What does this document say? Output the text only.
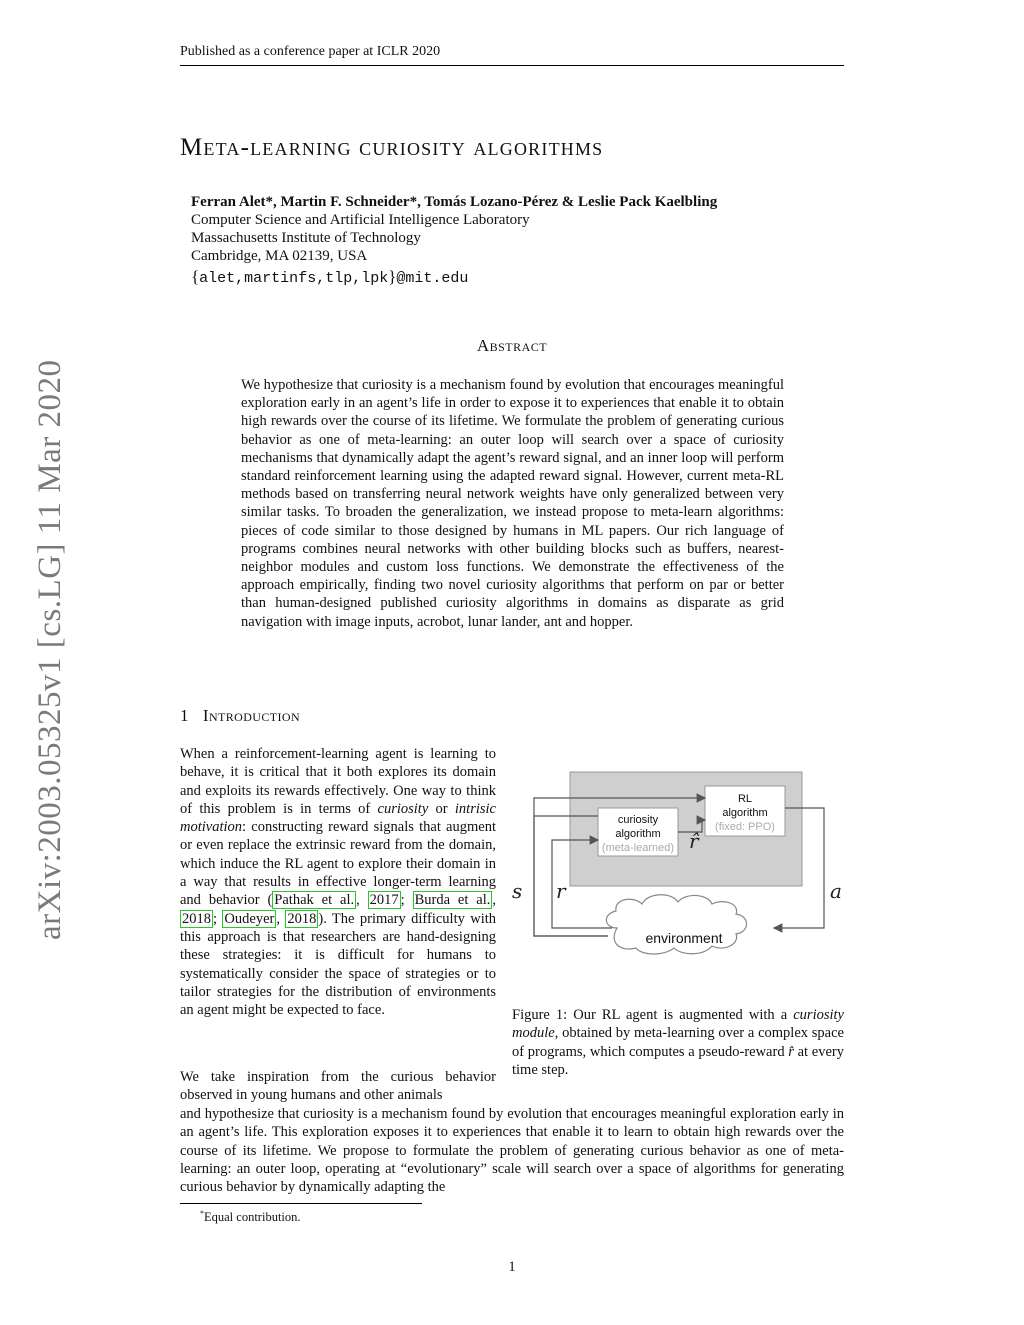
Published as a conference paper at ICLR 2020
arXiv:2003.05325v1 [cs.LG] 11 Mar 2020
Meta-learning curiosity algorithms
Ferran Alet*, Martin F. Schneider*, Tomás Lozano-Pérez & Leslie Pack Kaelbling
Computer Science and Artificial Intelligence Laboratory
Massachusetts Institute of Technology
Cambridge, MA 02139, USA
{alet,martinfs,tlp,lpk}@mit.edu
Abstract
We hypothesize that curiosity is a mechanism found by evolution that encourages meaningful exploration early in an agent’s life in order to expose it to experiences that enable it to obtain high rewards over the course of its lifetime. We formulate the problem of generating curious behavior as one of meta-learning: an outer loop will search over a space of curiosity mechanisms that dynamically adapt the agent’s reward signal, and an inner loop will perform standard reinforcement learning using the adapted reward signal. However, current meta-RL methods based on transferring neural network weights have only generalized between very similar tasks. To broaden the generalization, we instead propose to meta-learn algorithms: pieces of code similar to those designed by humans in ML papers. Our rich language of programs combines neural networks with other building blocks such as buffers, nearest-neighbor modules and custom loss functions. We demonstrate the effectiveness of the approach empirically, finding two novel curiosity algorithms that perform on par or better than human-designed published curiosity algorithms in domains as disparate as grid navigation with image inputs, acrobot, lunar lander, ant and hopper.
1 Introduction
When a reinforcement-learning agent is learning to behave, it is critical that it both explores its domain and exploits its rewards effectively. One way to think of this problem is in terms of curiosity or intrisic motivation: constructing reward signals that augment or even replace the extrinsic reward from the domain, which induce the RL agent to explore their domain in a way that results in effective longer-term learning and behavior ( Pathak et al. , 2017 ; Burda et al. , 2018 ; Oudeyer , 2018 ). The primary difficulty with this approach is that researchers are hand-designing these strategies: it is difficult for humans to systematically consider the space of strategies or to tailor strategies for the distribution of environments an agent might be expected to face.
We take inspiration from the curious behavior observed in young humans and other animals
and hypothesize that curiosity is a mechanism found by evolution that encourages meaningful exploration early in an agent’s life. This exploration exposes it to experiences that enable it to learn to obtain high rewards over the course of its lifetime. We propose to formulate the problem of generating curious behavior as one of meta-learning: an outer loop, operating at “evolutionary” scale will search over a space of algorithms for generating curious behavior by dynamically adapting the
RL
algorithm
(fixed: PPO)
curiosity
algorithm
(meta-learned) r̂
s r	a
environment
Figure 1: Our RL agent is augmented with a curiosity module, obtained by meta-learning over a complex space of programs, which computes a pseudo-reward r̂ at every time step.
*Equal contribution.
1
